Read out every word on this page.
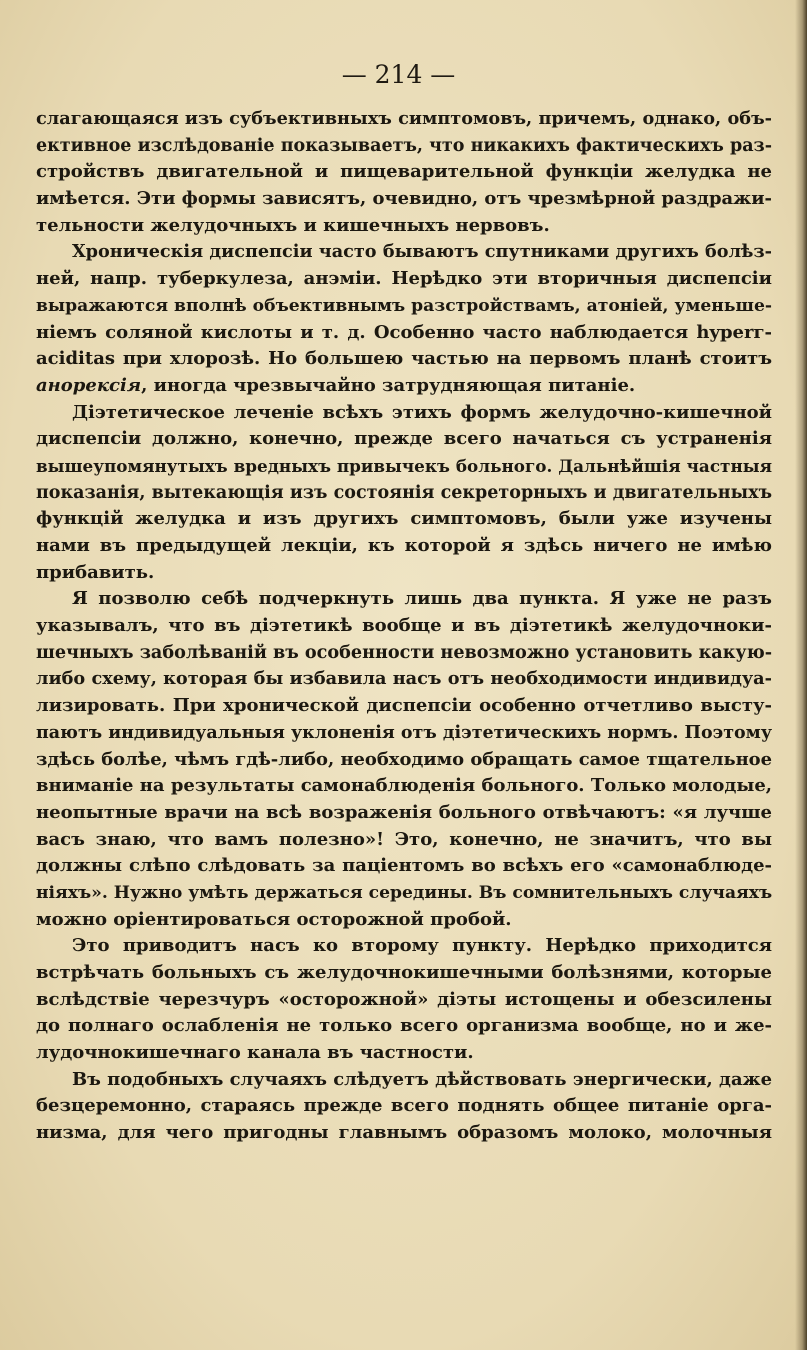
— 214 —
слагающаяся изъ субъективныхъ симптомовъ, причемъ, однако, объ-
ективное изслѣдованіе показываетъ, что никакихъ фактическихъ раз-
стройствъ двигательной и пищеварительной функціи желудка не
имѣется. Эти формы зависятъ, очевидно, отъ чрезмѣрной раздражи-
тельности желудочныхъ и кишечныхъ нервовъ.
Хроническія диспепсіи часто бываютъ спутниками другихъ болѣз-
ней, напр. туберкулеза, анэміи. Нерѣдко эти вторичныя диспепсіи
выражаются вполнѣ объективнымъ разстройствамъ, атоніей, уменьше-
ніемъ соляной кислоты и т. д. Особенно часто наблюдается hyperг-
aciditas при хлорозѣ. Но большею частью на первомъ планѣ стоитъ
анорексія, иногда чрезвычайно затрудняющая питаніе.
Діэтетическое леченіе всѣхъ этихъ формъ желудочно-кишечной
диспепсіи должно, конечно, прежде всего начаться съ устраненія
вышеупомянутыхъ вредныхъ привычекъ больного. Дальнѣйшія частныя
показанія, вытекающія изъ состоянія секреторныхъ и двигательныхъ
функцій желудка и изъ другихъ симптомовъ, были уже изучены
нами въ предыдущей лекціи, къ которой я здѣсь ничего не имѣю
прибавить.
Я позволю себѣ подчеркнуть лишь два пункта. Я уже не разъ
указывалъ, что въ діэтетикѣ вообще и въ діэтетикѣ желудочноки-
шечныхъ заболѣваній въ особенности невозможно установить какую-
либо схему, которая бы избавила насъ отъ необходимости индивидуа-
лизировать. При хронической диспепсіи особенно отчетливо высту-
паютъ индивидуальныя уклоненія отъ діэтетическихъ нормъ. Поэтому
здѣсь болѣе, чѣмъ гдѣ-либо, необходимо обращать самое тщательное
вниманіе на результаты самонаблюденія больного. Только молодые,
неопытные врачи на всѣ возраженія больного отвѣчаютъ: «я лучше
васъ знаю, что вамъ полезно»! Это, конечно, не значитъ, что вы
должны слѣпо слѣдовать за паціентомъ во всѣхъ его «самонаблюде-
ніяхъ». Нужно умѣть держаться середины. Въ сомнительныхъ случаяхъ
можно оріентироваться осторожной пробой.
Это приводитъ насъ ко второму пункту. Нерѣдко приходится
встрѣчать больныхъ съ желудочнокишечными болѣзнями, которые
вслѣдствіе черезчуръ «осторожной» діэты истощены и обезсилены
до полнаго ослабленія не только всего организма вообще, но и же-
лудочнокишечнаго канала въ частности.
Въ подобныхъ случаяхъ слѣдуетъ дѣйствовать энергически, даже
безцеремонно, стараясь прежде всего поднять общее питаніе орга-
низма, для чего пригодны главнымъ образомъ молоко, молочныя
